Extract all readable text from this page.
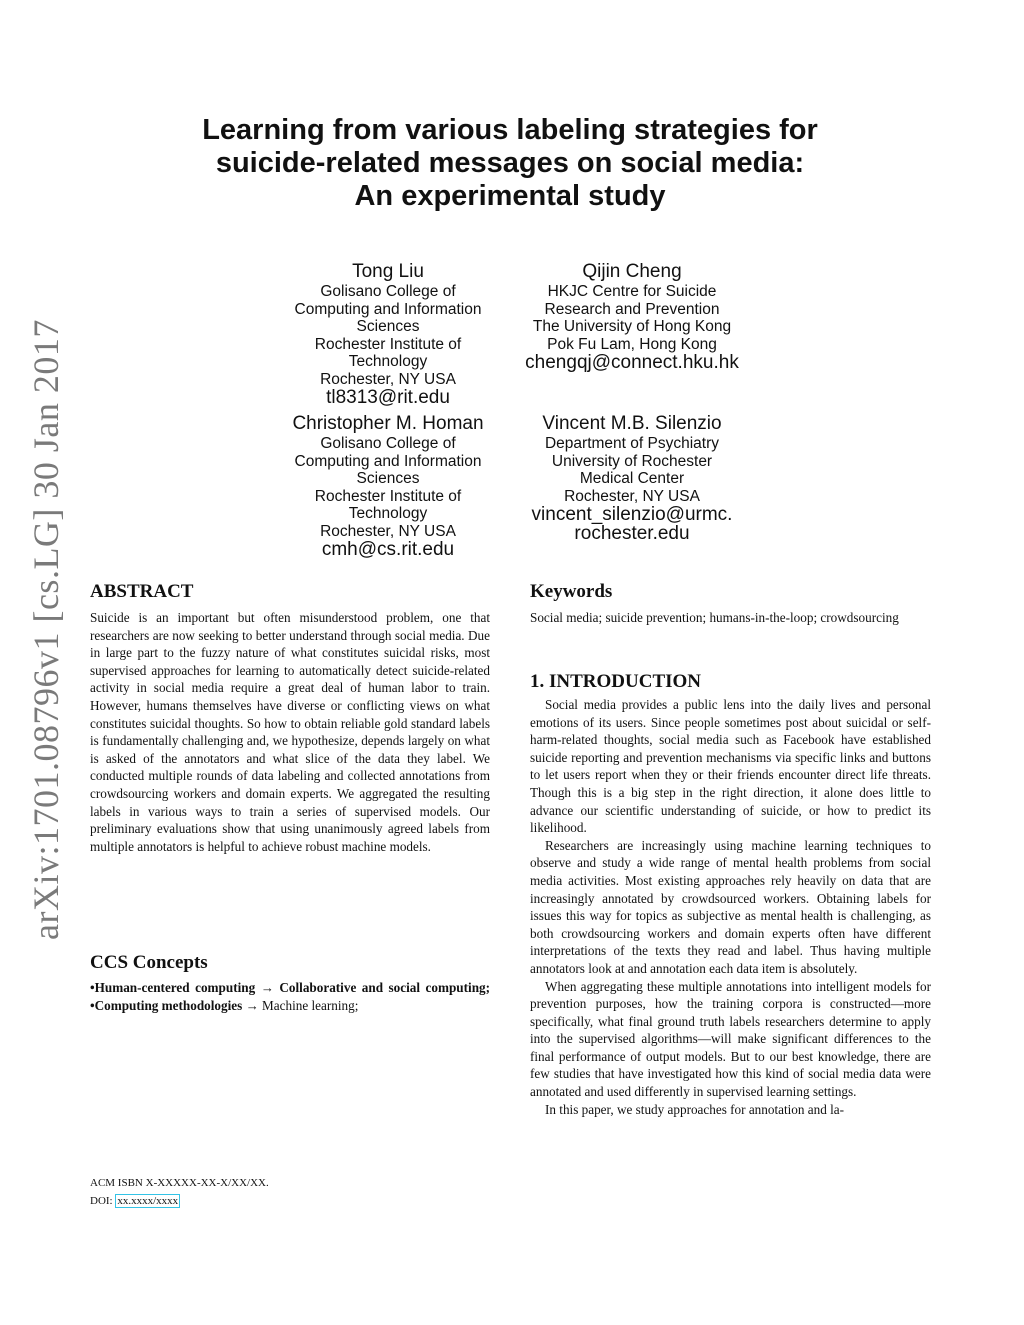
arXiv:1701.08796v1 [cs.LG] 30 Jan 2017
Learning from various labeling strategies for
suicide-related messages on social media:
An experimental study
Tong Liu
Golisano College of
Computing and Information
Sciences
Rochester Institute of
Technology
Rochester, NY USA
tl8313@rit.edu
Qijin Cheng
HKJC Centre for Suicide
Research and Prevention
The University of Hong Kong
Pok Fu Lam, Hong Kong
chengqj@connect.hku.hk
Christopher M. Homan
Golisano College of
Computing and Information
Sciences
Rochester Institute of
Technology
Rochester, NY USA
cmh@cs.rit.edu
Vincent M.B. Silenzio
Department of Psychiatry
University of Rochester
Medical Center
Rochester, NY USA
vincent_silenzio@urmc.
rochester.edu
ABSTRACT

Suicide is an important but often misunderstood problem, one that researchers are now seeking to better understand through social media. Due in large part to the fuzzy nature of what constitutes suicidal risks, most supervised approaches for learning to automatically detect suicide-related activity in social media require a great deal of human labor to train. However, humans themselves have diverse or conflicting views on what constitutes suicidal thoughts. So how to obtain reliable gold standard labels is fundamentally challenging and, we hypothesize, depends largely on what is asked of the annotators and what slice of the data they label. We conducted multiple rounds of data labeling and collected annotations from crowdsourcing workers and domain experts. We aggregated the resulting labels in various ways to train a series of supervised models. Our preliminary evaluations show that using unanimously agreed labels from multiple annotators is helpful to achieve robust machine models.

CCS Concepts

•Human-centered computing → Collaborative and social computing; •Computing methodologies → Machine learning;

ACM ISBN X-XXXXX-XX-X/XX/XX.
DOI: xx.xxxx/xxxx
Keywords

Social media; suicide prevention; humans-in-the-loop; crowdsourcing

1. INTRODUCTION

Social media provides a public lens into the daily lives and personal emotions of its users. Since people sometimes post about suicidal or self-harm-related thoughts, social media such as Facebook have established suicide reporting and prevention mechanisms via specific links and buttons to let users report when they or their friends encounter direct life threats. Though this is a big step in the right direction, it alone does little to advance our scientific understanding of suicide, or how to predict its likelihood.

Researchers are increasingly using machine learning techniques to observe and study a wide range of mental health problems from social media activities. Most existing approaches rely heavily on data that are increasingly annotated by crowdsourced workers. Obtaining labels for issues this way for topics as subjective as mental health is challenging, as both crowdsourcing workers and domain experts often have different interpretations of the texts they read and label. Thus having multiple annotators look at and annotation each data item is absolutely.

When aggregating these multiple annotations into intelligent models for prevention purposes, how the training corpora is constructed—more specifically, what final ground truth labels researchers determine to apply into the supervised algorithms—will make significant differences to the final performance of output models. But to our best knowledge, there are few studies that have investigated how this kind of social media data were annotated and used differently in supervised learning settings.

In this paper, we study approaches for annotation and la-
